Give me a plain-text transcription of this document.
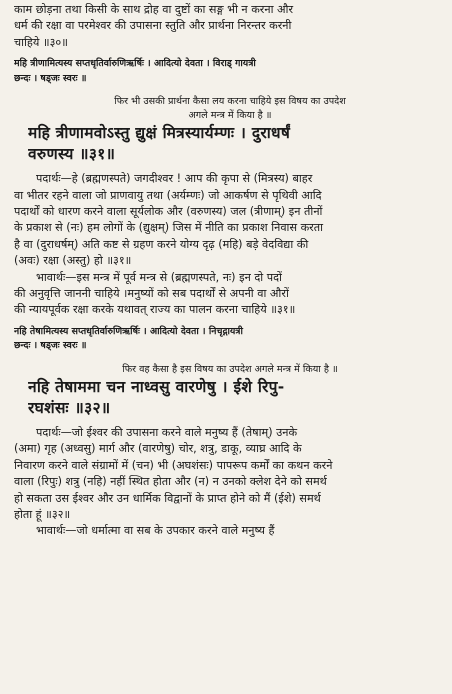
काम छोड़ना तथा किसी के साथ द्रोह वा दुष्टों का सङ्ग भी न करना और
धर्म की रक्षा वा परमेश्वर की उपासना स्तुति और प्रार्थना निरन्तर करनी
चाहिये ॥३०॥
महि त्रीणामित्यस्य सप्तधृतिर्वारुणिऋर्षिः । आदित्यो देवता । विराड् गायत्री
छन्दः । षड्जः स्वरः ॥
फिर भी उसकी प्रार्थना कैसा लय करना चाहिये इस विषय का उपदेश
अगले मन्त्र में किया है ॥
महि त्रीणामवोऽस्तु द्युक्षं मित्रस्यार्यम्णः । दुराधर्षं
वरुणस्य ॥३१॥
पदार्थः—हे (ब्रह्मणस्पते) जगदीश्वर ! आप की कृपा से (मित्रस्य) बाहर
वा भीतर रहने वाला जो प्राणवायु तथा (अर्यम्णः) जो आकर्षण से पृथिवी आदि
पदार्थों को धारण करने वाला सूर्यलोक और (वरुणस्य) जल (त्रीणाम्) इन तीनों
के प्रकाश से (नः) हम लोगों के (द्युक्षम्) जिस में नीति का प्रकाश निवास करता
है वा (दुराधर्षम्) अति कष्ट से ग्रहण करने योग्य दृढ़ (महि) बड़े वेदविद्या की
(अवः) रक्षा (अस्तु) हो ॥३१॥
भावार्थः—इस मन्त्र में पूर्व मन्त्र से (ब्रह्मणस्पते, नः) इन दो पदों
की अनुवृत्ति जाननी चाहिये ।मनुष्यों को सब पदार्थों से अपनी वा औरों
की न्यायपूर्वक रक्षा करके यथावत् राज्य का पालन करना चाहिये ॥३१॥
नहि तेषामित्यस्य सप्तधृतिर्वारुणिऋर्षिः । आदित्यो देवता । निचृद्गायत्री
छन्दः । षड्जः स्वरः ॥
फिर वह कैसा है इस विषय का उपदेश अगले मन्त्र में किया है ॥
नहि तेषाममा चन नाध्वसु वारणेषु । ईशे रिपु-
रघशंसः ॥३२॥
पदार्थः—जो ईश्वर की उपासना करने वाले मनुष्य हैं (तेषाम्) उनके
(अमा) गृह (अध्वसु) मार्ग और (वारणेषु) चोर, शत्रु, डाकू, व्याघ्र आदि के
निवारण करने वाले संग्रामों में (चन) भी (अघशंसः) पापरूप कर्मों का कथन करने
वाला (रिपुः) शत्रु (नहि) नहीं स्थित होता और (न) न उनको क्लेश देने को समर्थ
हो सकता उस ईश्वर और उन धार्मिक विद्वानों के प्राप्त होने को मैं (ईशे) समर्थ
होता हूं ॥३२॥
भावार्थः—जो धर्मात्मा वा सब के उपकार करने वाले मनुष्य हैं
